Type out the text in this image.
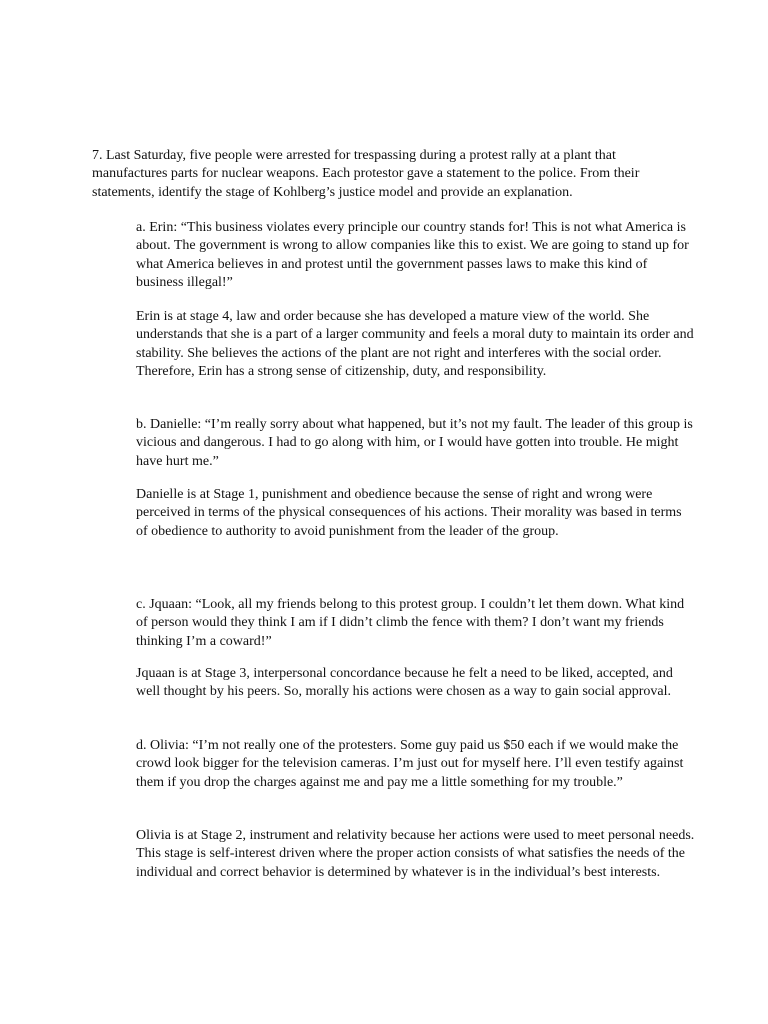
7. Last Saturday, five people were arrested for trespassing during a protest rally at a plant that manufactures parts for nuclear weapons. Each protestor gave a statement to the police. From their statements, identify the stage of Kohlberg’s justice model and provide an explanation.

a. Erin: “This business violates every principle our country stands for! This is not what America is about. The government is wrong to allow companies like this to exist. We are going to stand up for what America believes in and protest until the government passes laws to make this kind of business illegal!”

Erin is at stage 4, law and order because she has developed a mature view of the world. She understands that she is a part of a larger community and feels a moral duty to maintain its order and stability. She believes the actions of the plant are not right and interferes with the social order. Therefore, Erin has a strong sense of citizenship, duty, and responsibility.

b. Danielle: “I’m really sorry about what happened, but it’s not my fault. The leader of this group is vicious and dangerous. I had to go along with him, or I would have gotten into trouble. He might have hurt me.”

Danielle is at Stage 1, punishment and obedience because the sense of right and wrong were perceived in terms of the physical consequences of his actions. Their morality was based in terms of obedience to authority to avoid punishment from the leader of the group.

c. Jquaan: “Look, all my friends belong to this protest group. I couldn’t let them down. What kind of person would they think I am if I didn’t climb the fence with them? I don’t want my friends thinking I’m a coward!”

Jquaan is at Stage 3, interpersonal concordance because he felt a need to be liked, accepted, and well thought by his peers. So, morally his actions were chosen as a way to gain social approval.

d. Olivia: “I’m not really one of the protesters. Some guy paid us $50 each if we would make the crowd look bigger for the television cameras. I’m just out for myself here. I’ll even testify against them if you drop the charges against me and pay me a little something for my trouble.”

Olivia is at Stage 2, instrument and relativity because her actions were used to meet personal needs. This stage is self-interest driven where the proper action consists of what satisfies the needs of the individual and correct behavior is determined by whatever is in the individual’s best interests.
